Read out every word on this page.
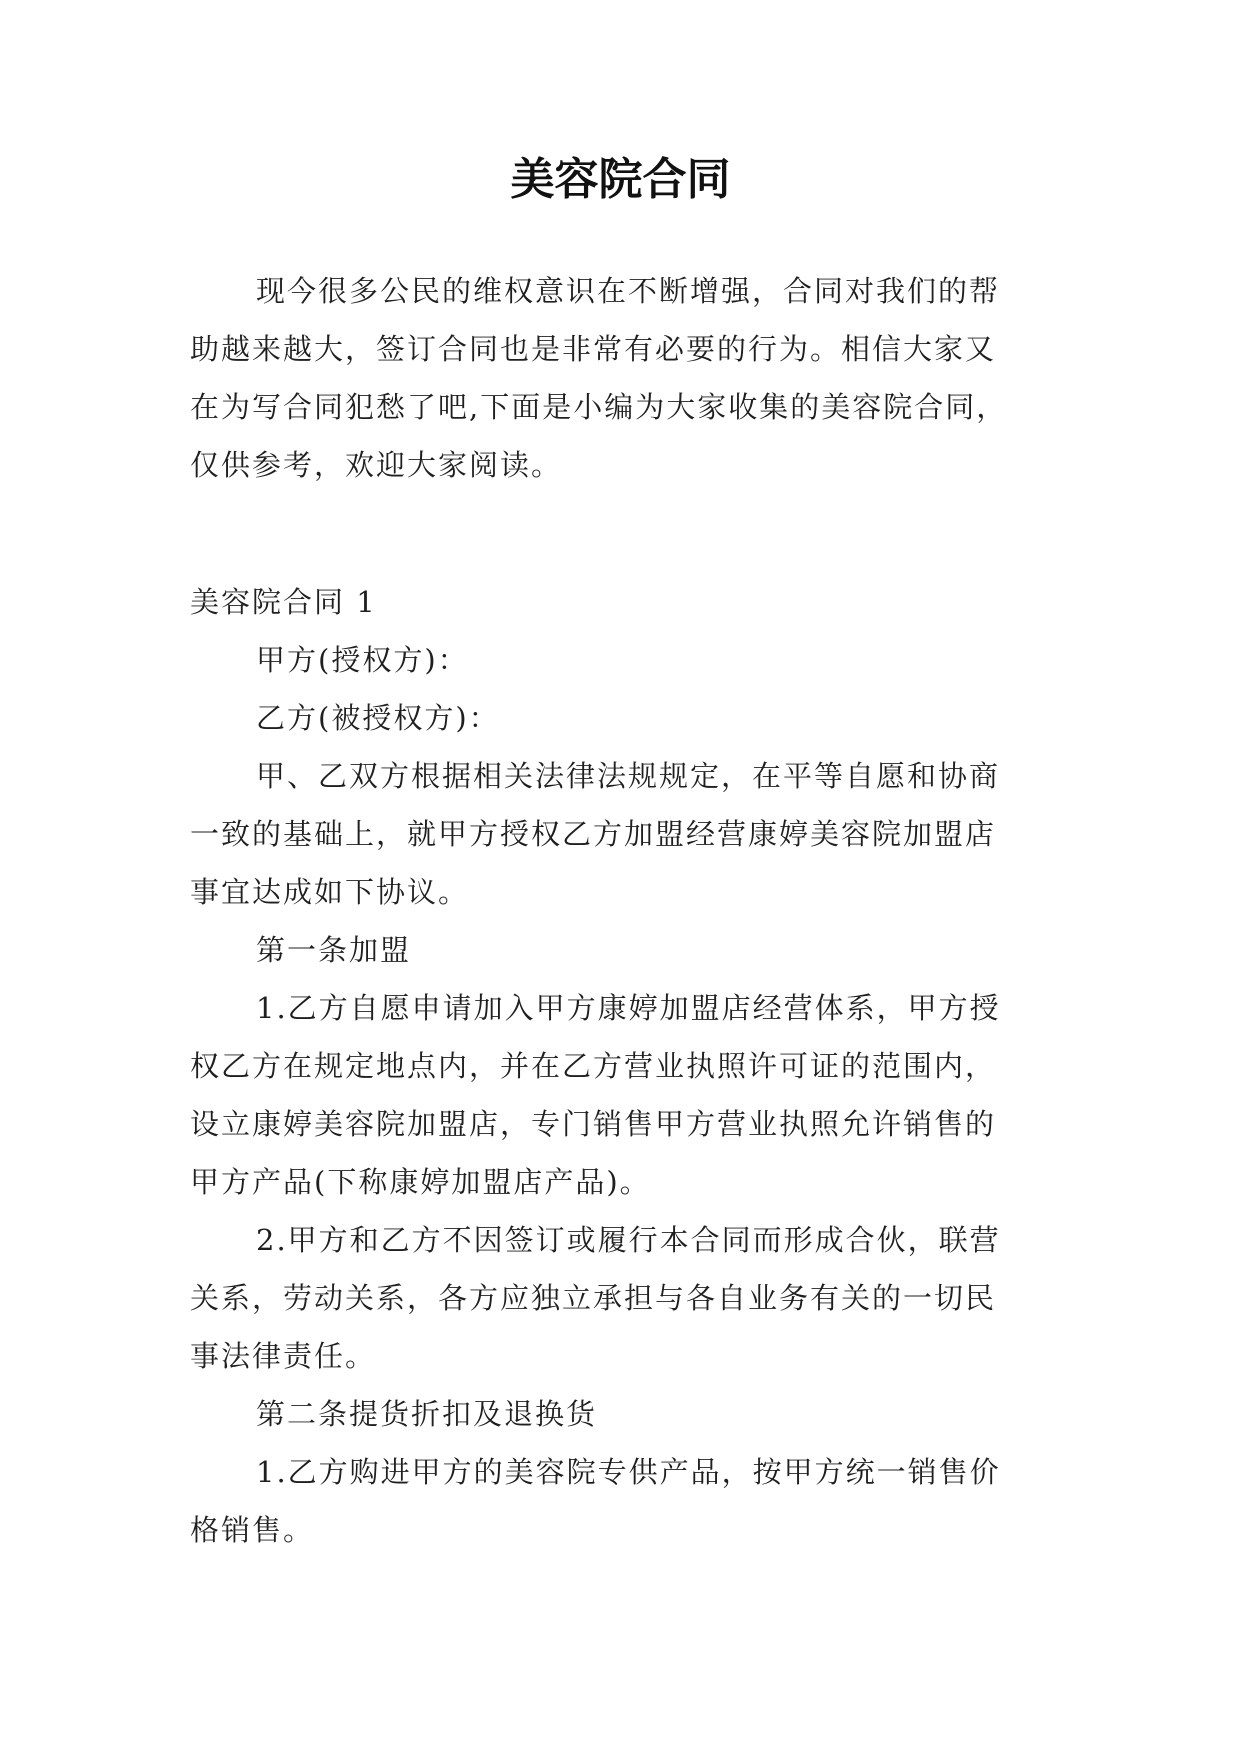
美容院合同
现今很多公民的维权意识在不断增强，合同对我们的帮
助越来越大，签订合同也是非常有必要的行为。相信大家又
在为写合同犯愁了吧,下面是小编为大家收集的美容院合同，
仅供参考，欢迎大家阅读。
美容院合同 1
甲方(授权方)：
乙方(被授权方)：
甲、乙双方根据相关法律法规规定，在平等自愿和协商
一致的基础上，就甲方授权乙方加盟经营康婷美容院加盟店
事宜达成如下协议。
第一条加盟
1.乙方自愿申请加入甲方康婷加盟店经营体系，甲方授
权乙方在规定地点内，并在乙方营业执照许可证的范围内，
设立康婷美容院加盟店，专门销售甲方营业执照允许销售的
甲方产品(下称康婷加盟店产品)。
2.甲方和乙方不因签订或履行本合同而形成合伙，联营
关系，劳动关系，各方应独立承担与各自业务有关的一切民
事法律责任。
第二条提货折扣及退换货
1.乙方购进甲方的美容院专供产品，按甲方统一销售价
格销售。
